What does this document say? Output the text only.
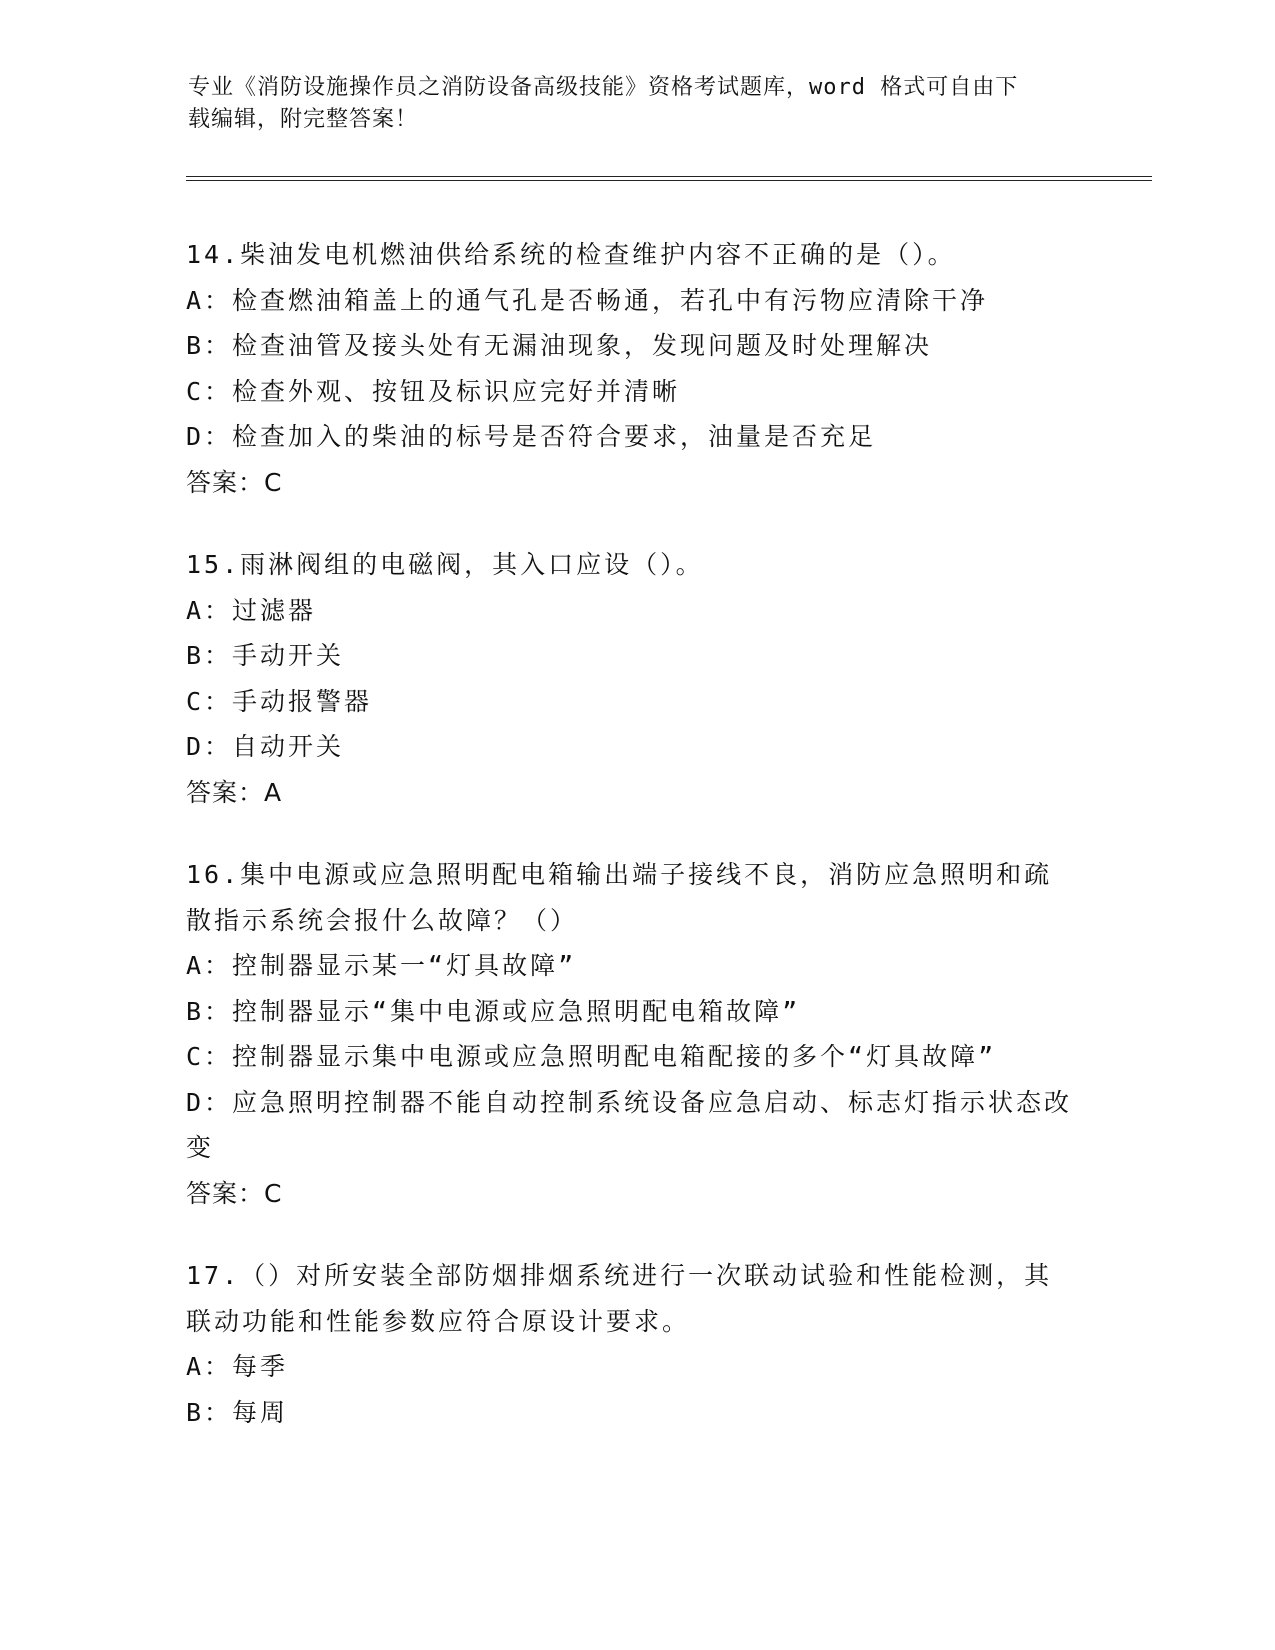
专业《消防设施操作员之消防设备高级技能》资格考试题库，word 格式可自由下
载编辑，附完整答案！
14.柴油发电机燃油供给系统的检查维护内容不正确的是（）。
A：检查燃油箱盖上的通气孔是否畅通，若孔中有污物应清除干净
B：检查油管及接头处有无漏油现象，发现问题及时处理解决
C：检查外观、按钮及标识应完好并清晰
D：检查加入的柴油的标号是否符合要求，油量是否充足
答案：C
15.雨淋阀组的电磁阀，其入口应设（）。
A：过滤器
B：手动开关
C：手动报警器
D：自动开关
答案：A
16.集中电源或应急照明配电箱输出端子接线不良，消防应急照明和疏散指示系统会报什么故障？（）
A：控制器显示某一“灯具故障”
B：控制器显示“集中电源或应急照明配电箱故障”
C：控制器显示集中电源或应急照明配电箱配接的多个“灯具故障”
D：应急照明控制器不能自动控制系统设备应急启动、标志灯指示状态改变
答案：C
17.（）对所安装全部防烟排烟系统进行一次联动试验和性能检测，其联动功能和性能参数应符合原设计要求。
A：每季
B：每周
